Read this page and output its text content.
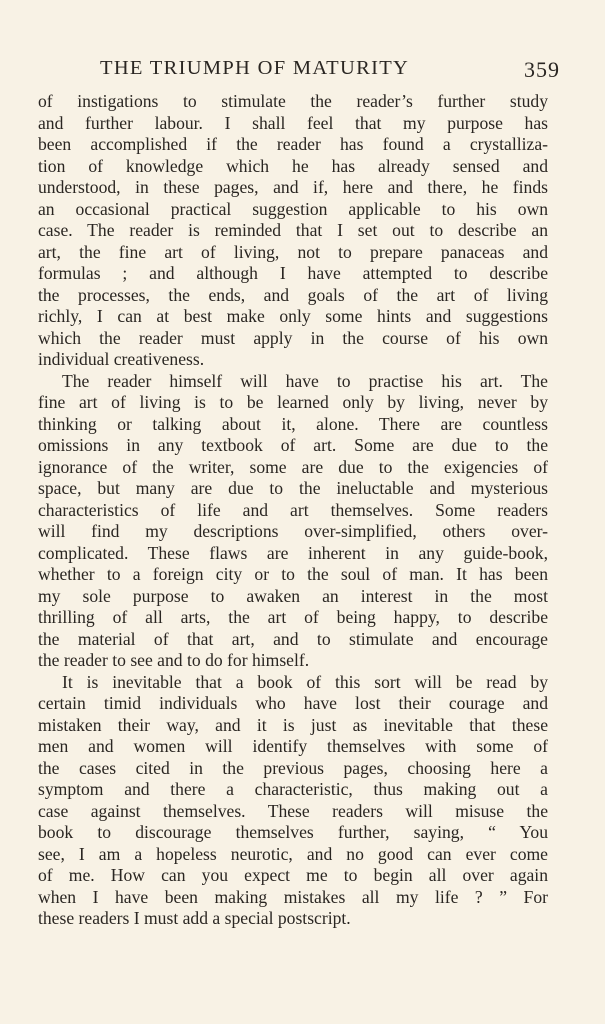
THE TRIUMPH OF MATURITY	359
of instigations to stimulate the reader’s further study
and further labour. I shall feel that my purpose has
been accomplished if the reader has found a crystalliza-
tion of knowledge which he has already sensed and
understood, in these pages, and if, here and there, he finds
an occasional practical suggestion applicable to his own
case. The reader is reminded that I set out to describe an
art, the fine art of living, not to prepare panaceas and
formulas ; and although I have attempted to describe
the processes, the ends, and goals of the art of living
richly, I can at best make only some hints and suggestions
which the reader must apply in the course of his own
individual creativeness.
The reader himself will have to practise his art. The
fine art of living is to be learned only by living, never by
thinking or talking about it, alone. There are countless
omissions in any textbook of art. Some are due to the
ignorance of the writer, some are due to the exigencies of
space, but many are due to the ineluctable and mysterious
characteristics of life and art themselves. Some readers
will find my descriptions over-simplified, others over-
complicated. These flaws are inherent in any guide-book,
whether to a foreign city or to the soul of man. It has been
my sole purpose to awaken an interest in the most
thrilling of all arts, the art of being happy, to describe
the material of that art, and to stimulate and encourage
the reader to see and to do for himself.
It is inevitable that a book of this sort will be read by
certain timid individuals who have lost their courage and
mistaken their way, and it is just as inevitable that these
men and women will identify themselves with some of
the cases cited in the previous pages, choosing here a
symptom and there a characteristic, thus making out a
case against themselves. These readers will misuse the
book to discourage themselves further, saying, “ You
see, I am a hopeless neurotic, and no good can ever come
of me. How can you expect me to begin all over again
when I have been making mistakes all my life ? ” For
these readers I must add a special postscript.
